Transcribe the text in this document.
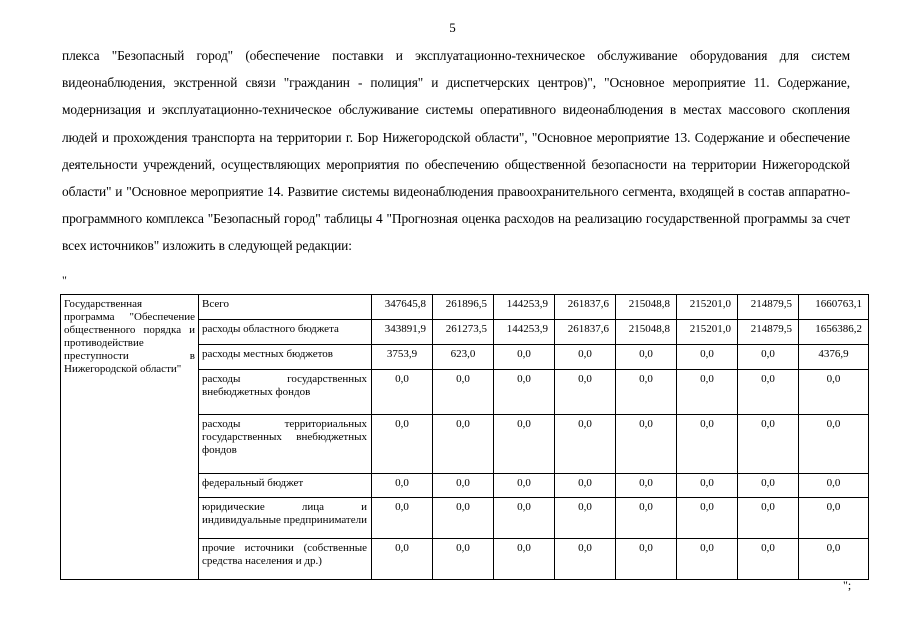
5

плекса "Безопасный город" (обеспечение поставки и эксплуатационно-техническое обслуживание оборудования для систем видеонаблюдения, экстренной связи "гражданин - полиция" и диспетчерских центров)", "Основное мероприятие 11. Содержание, модернизация и эксплуатационно-техническое обслуживание системы оперативного видеонаблюдения в местах массового скопления людей и прохождения транспорта на территории г. Бор Нижегородской области", "Основное мероприятие 13. Содержание и обеспечение деятельности учреждений, осуществляющих мероприятия по обеспечению общественной безопасности на территории Нижегородской области" и "Основное мероприятие 14. Развитие системы видеонаблюдения правоохранительного сегмента, входящей в состав аппаратно-программного комплекса "Безопасный город" таблицы 4 "Прогнозная оценка расходов на реализацию государственной программы за счет всех источников" изложить в следующей редакции:

"
Государственная программа "Обеспечение общественного порядка и противодействие преступности в Нижегородской области"	Всего	347645,8	261896,5	144253,9	261837,6	215048,8	215201,0	214879,5	1660763,1
	расходы областного бюджета	343891,9	261273,5	144253,9	261837,6	215048,8	215201,0	214879,5	1656386,2
	расходы местных бюджетов	3753,9	623,0	0,0	0,0	0,0	0,0	0,0	4376,9
	расходы государственных внебюджетных фондов	0,0	0,0	0,0	0,0	0,0	0,0	0,0	0,0
	расходы территориальных государственных внебюджетных фондов	0,0	0,0	0,0	0,0	0,0	0,0	0,0	0,0
	федеральный бюджет	0,0	0,0	0,0	0,0	0,0	0,0	0,0	0,0
	юридические лица и индивидуальные предприниматели	0,0	0,0	0,0	0,0	0,0	0,0	0,0	0,0
	прочие источники (собственные средства населения и др.)	0,0	0,0	0,0	0,0	0,0	0,0	0,0	0,0
";
